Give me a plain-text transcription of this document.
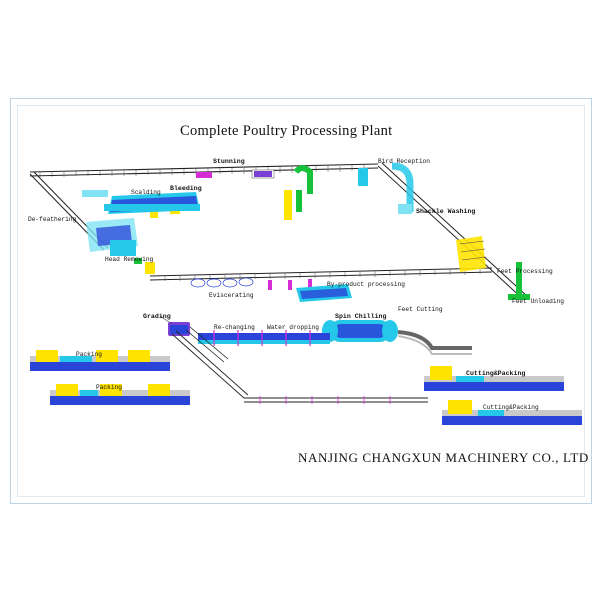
Complete Poultry Processing Plant
NANJING CHANGXUN MACHINERY CO., LTD
Stunning	Bird Reception
Bleeding
Scalding
Shackle Washing
De-feathering
Head Removing
Eviscerating
By-product processing
Feet Processing
Feet Unloading
Feet Cutting
Spin Chilling
Grading
Re-changing Water dropping
Packing
Packing
Cutting&Packing
Cutting&Packing
